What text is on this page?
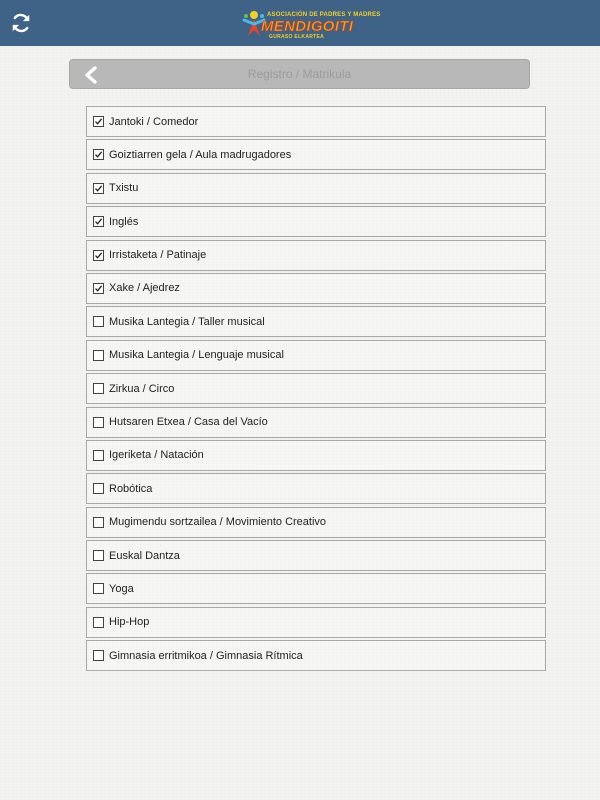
ASOCIACIÓN DE PADRES Y MADRES
MENDIGOITI
GURASO ELKARTEA
Registro / Matrikula
Jantoki / Comedor
Goiztiarren gela / Aula madrugadores
Txistu
Inglés
Irristaketa / Patinaje
Xake / Ajedrez
Musika Lantegia / Taller musical
Musika Lantegia / Lenguaje musical
Zirkua / Circo
Hutsaren Etxea / Casa del Vacío
Igeriketa / Natación
Robótica
Mugimendu sortzailea / Movimiento Creativo
Euskal Dantza
Yoga
Hip-Hop
Gimnasia erritmikoa / Gimnasia Rítmica
